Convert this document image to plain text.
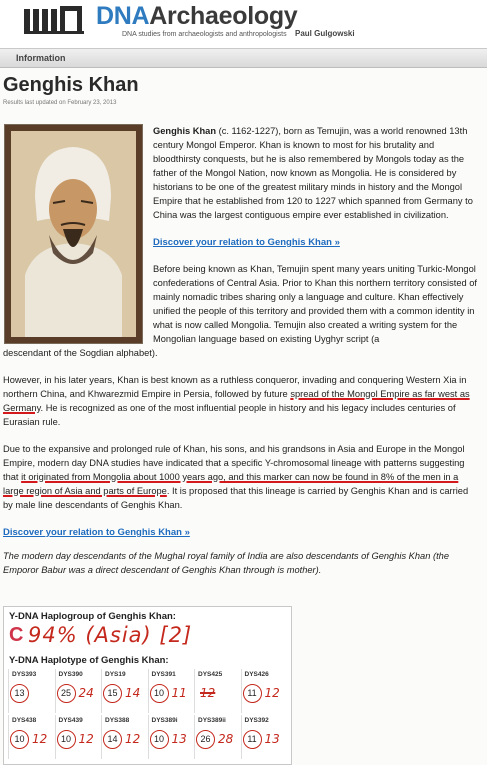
DNAArchaeology
DNA studies from archaeologists and anthropologists Paul Gulgowski
Information
Genghis Khan
Results last updated on February 23, 2013
Genghis Khan (c. 1162-1227), born as Temujin, was a world renowned 13th century Mongol Emperor. Khan is known to most for his brutality and bloodthirsty conquests, but he is also remembered by Mongols today as the father of the Mongol Nation, now known as Mongolia. He is considered by historians to be one of the greatest military minds in history and the Mongol Empire that he established from 120 to 1227 which spanned from Germany to China was the largest contiguous empire ever established in civilization.
Discover your relation to Genghis Khan »
Before being known as Khan, Temujin spent many years uniting Turkic-Mongol confederations of Central Asia. Prior to Khan this northern territory consisted of mainly nomadic tribes sharing only a language and culture. Khan effectively unified the people of this territory and provided them with a common identity in what is now called Mongolia. Temujin also created a writing system for the Mongolian language based on existing Uyghyr script (a
descendant of the Sogdian alphabet).
However, in his later years, Khan is best known as a ruthless conqueror, invading and conquering Western Xia in northern China, and Khwarezmid Empire in Persia, followed by future spread of the Mongol Empire as far west as Germany. He is recognized as one of the most influential people in history and his legacy includes centuries of Eurasian rule.
Due to the expansive and prolonged rule of Khan, his sons, and his grandsons in Asia and Europe in the Mongol Empire, modern day DNA studies have indicated that a specific Y-chromosomal lineage with patterns suggesting that it originated from Mongolia about 1000 years ago, and this marker can now be found in 8% of the men in a large region of Asia and parts of Europe. It is proposed that this lineage is carried by Genghis Khan and is carried by male line descendants of Genghis Khan.
Discover your relation to Genghis Khan »
The modern day descendants of the Mughal royal family of India are also descendants of Genghis Khan (the Emporor Babur was a direct descendant of Genghis Khan through is mother).
Y-DNA Haplogroup of Genghis Khan:
C 94% (Asia) [2]
Y-DNA Haplotype of Genghis Khan:
DYS393
13
DYS390
25 24
DYS19
15 14
DYS391
10 11
DYS425
12
DYS426
11 12
DYS438
10 12
DYS439
10 12
DYS388
14 12
DYS389i
10 13
DYS389ii
26 28
DYS392
11 13
